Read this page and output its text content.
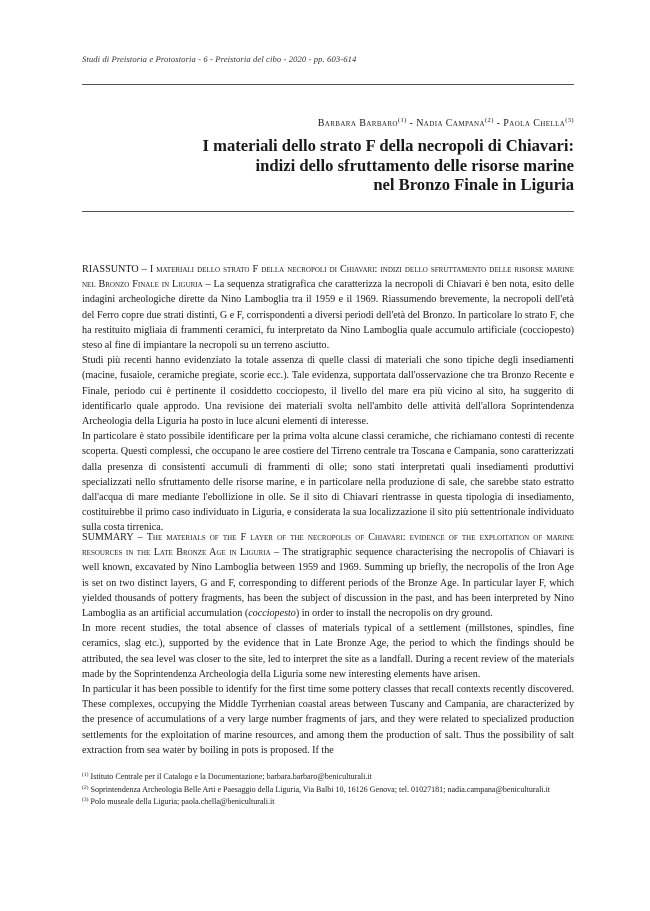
Studi di Preistoria e Protostoria - 6 - Preistoria del cibo - 2020 - pp. 603-614
Barbara Barbaro$^{(1)}$ - Nadia Campana$^{(2)}$ - Paola Chella$^{(3)}$
I materiali dello strato F della necropoli di Chiavari:
indizi dello sfruttamento delle risorse marine
nel Bronzo Finale in Liguria

RIASSUNTO – I materiali dello strato F della necropoli di Chiavari: indizi dello sfruttamento delle risorse marine nel Bronzo Finale in Liguria – La sequenza stratigrafica che caratterizza la necropoli di Chiavari è ben nota, esito delle indagini archeologiche dirette da Nino Lamboglia tra il 1959 e il 1969. Riassumendo brevemente, la necropoli dell'età del Ferro copre due strati distinti, G e F, corrispondenti a diversi periodi dell'età del Bronzo. In particolare lo strato F, che ha restituito migliaia di frammenti ceramici, fu interpretato da Nino Lamboglia quale accumulo artificiale (cocciopesto) steso al fine di impiantare la necropoli su un terreno asciutto.

Studi più recenti hanno evidenziato la totale assenza di quelle classi di materiali che sono tipiche degli insediamenti (macine, fusaiole, ceramiche pregiate, scorie ecc.). Tale evidenza, supportata dall'osservazione che tra Bronzo Recente e Finale, periodo cui è pertinente il cosiddetto cocciopesto, il livello del mare era più vicino al sito, ha suggerito di identificarlo quale approdo. Una revisione dei materiali svolta nell'ambito delle attività dell'allora Soprintendenza Archeologia della Liguria ha posto in luce alcuni elementi di interesse.

In particolare è stato possibile identificare per la prima volta alcune classi ceramiche, che richiamano contesti di recente scoperta. Questi complessi, che occupano le aree costiere del Tirreno centrale tra Toscana e Campania, sono caratterizzati dalla presenza di consistenti accumuli di frammenti di olle; sono stati interpretati quali insediamenti produttivi specializzati nello sfruttamento delle risorse marine, e in particolare nella produzione di sale, che sarebbe stato estratto dall'acqua di mare mediante l'ebollizione in olle. Se il sito di Chiavari rientrasse in questa tipologia di insediamento, costituirebbe il primo caso individuato in Liguria, e considerata la sua localizzazione il sito più settentrionale individuato sulla costa tirrenica.

SUMMARY – The materials of the F layer of the necropolis of Chiavari: evidence of the exploitation of marine resources in the Late Bronze Age in Liguria – The stratigraphic sequence characterising the necropolis of Chiavari is well known, excavated by Nino Lamboglia between 1959 and 1969. Summing up briefly, the necropolis of the Iron Age is set on two distinct layers, G and F, corresponding to different periods of the Bronze Age. In particular layer F, which yielded thousands of pottery fragments, has been the subject of discussion in the past, and has been interpreted by Nino Lamboglia as an artificial accumulation (cocciopesto) in order to install the necropolis on dry ground.

In more recent studies, the total absence of classes of materials typical of a settlement (millstones, spindles, fine ceramics, slag etc.), supported by the evidence that in Late Bronze Age, the period to which the findings should be attributed, the sea level was closer to the site, led to interpret the site as a landfall. During a recent review of the materials made by the Soprintendenza Archeologia della Liguria some new interesting elements have arisen.

In particular it has been possible to identify for the first time some pottery classes that recall contexts recently discovered. These complexes, occupying the Middle Tyrrhenian coastal areas between Tuscany and Campania, are characterized by the presence of accumulations of a very large number fragments of jars, and they were related to specialized production settlements for the exploitation of marine resources, and among them the production of salt. Thus the possibility of salt extraction from sea water by boiling in pots is proposed. If the

$^{(1)}$ Istituto Centrale per il Catalogo e la Documentazione; barbara.barbaro@beniculturali.it

$^{(2)}$ Soprintendenza Archeologia Belle Arti e Paesaggio della Liguria, Via Balbi 10, 16126 Genova; tel. 01027181; nadia.campana@beniculturali.it

$^{(3)}$ Polo museale della Liguria; paola.chella@beniculturali.it
